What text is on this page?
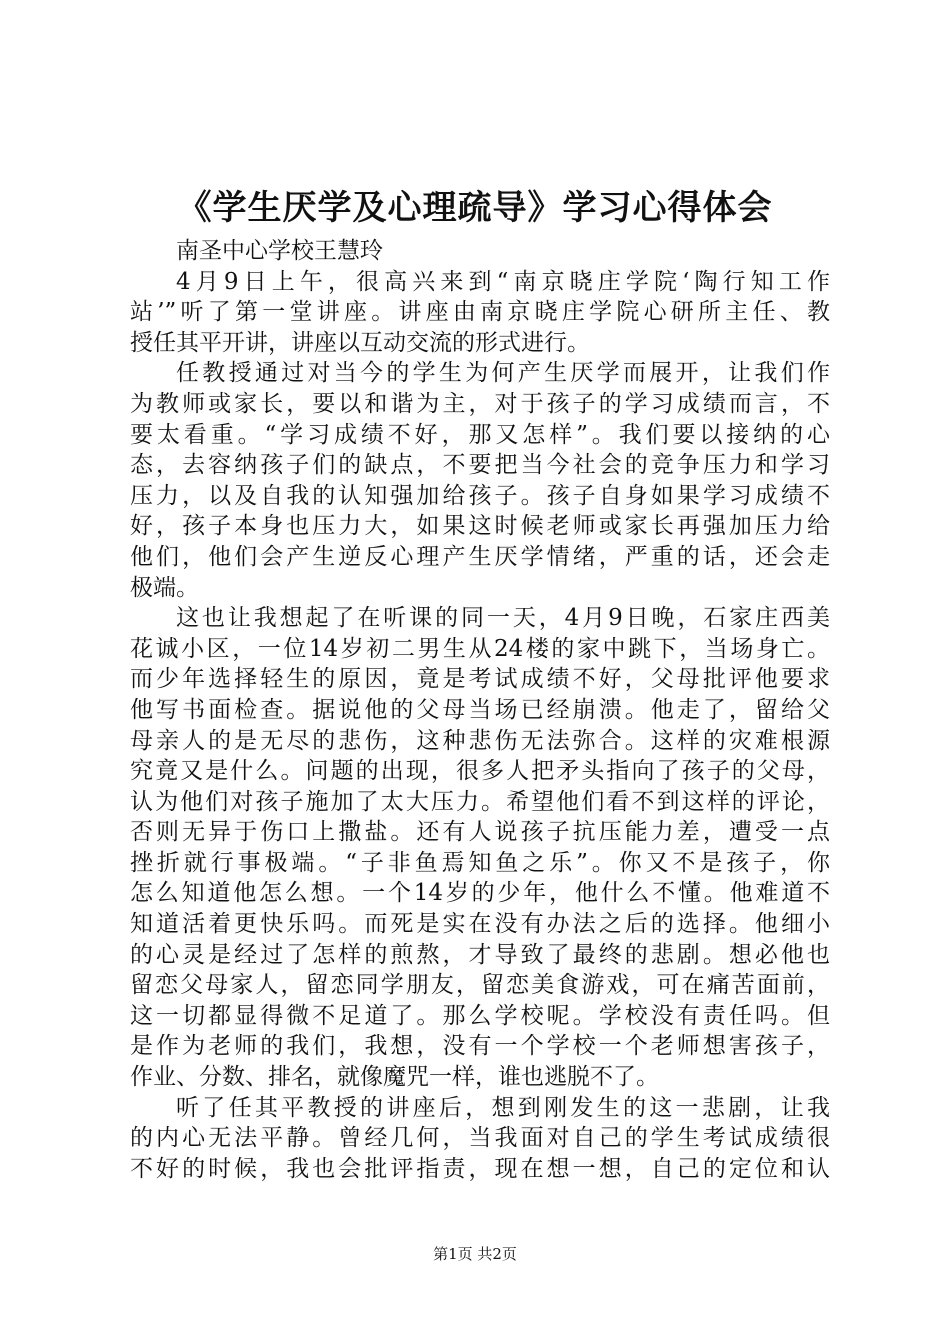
《学生厌学及心理疏导》学习心得体会
南圣中心学校王慧玲
4月9日上午，很高兴来到“南京晓庄学院‘陶行知工作
站’”听了第一堂讲座。讲座由南京晓庄学院心研所主任、教
授任其平开讲，讲座以互动交流的形式进行。
任教授通过对当今的学生为何产生厌学而展开，让我们作
为教师或家长，要以和谐为主，对于孩子的学习成绩而言，不
要太看重。“学习成绩不好，那又怎样”。我们要以接纳的心
态，去容纳孩子们的缺点，不要把当今社会的竞争压力和学习
压力，以及自我的认知强加给孩子。孩子自身如果学习成绩不
好，孩子本身也压力大，如果这时候老师或家长再强加压力给
他们，他们会产生逆反心理产生厌学情绪，严重的话，还会走
极端。
这也让我想起了在听课的同一天，4月9日晚，石家庄西美
花诚小区，一位14岁初二男生从24楼的家中跳下，当场身亡。
而少年选择轻生的原因，竟是考试成绩不好，父母批评他要求
他写书面检查。据说他的父母当场已经崩溃。他走了，留给父
母亲人的是无尽的悲伤，这种悲伤无法弥合。这样的灾难根源
究竟又是什么。问题的出现，很多人把矛头指向了孩子的父母，
认为他们对孩子施加了太大压力。希望他们看不到这样的评论，
否则无异于伤口上撒盐。还有人说孩子抗压能力差，遭受一点
挫折就行事极端。“子非鱼焉知鱼之乐”。你又不是孩子，你
怎么知道他怎么想。一个14岁的少年，他什么不懂。他难道不
知道活着更快乐吗。而死是实在没有办法之后的选择。他细小
的心灵是经过了怎样的煎熬，才导致了最终的悲剧。想必他也
留恋父母家人，留恋同学朋友，留恋美食游戏，可在痛苦面前，
这一切都显得微不足道了。那么学校呢。学校没有责任吗。但
是作为老师的我们，我想，没有一个学校一个老师想害孩子，
作业、分数、排名，就像魔咒一样，谁也逃脱不了。
听了任其平教授的讲座后，想到刚发生的这一悲剧，让我
的内心无法平静。曾经几何，当我面对自己的学生考试成绩很
不好的时候，我也会批评指责，现在想一想，自己的定位和认
第1页 共2页
